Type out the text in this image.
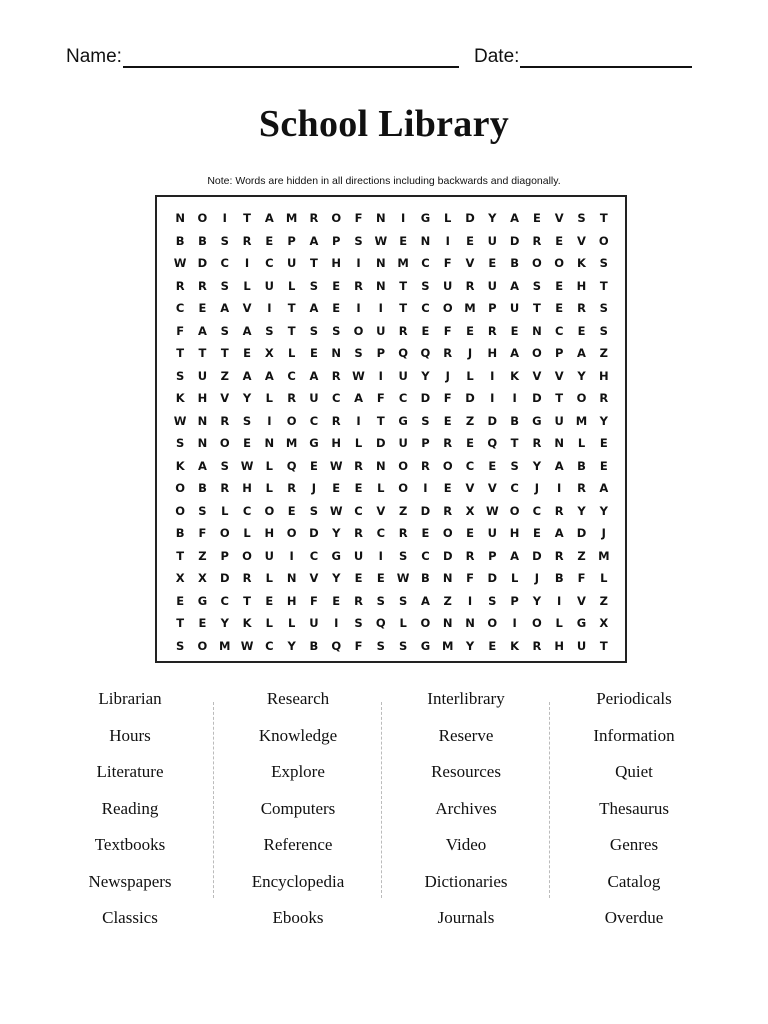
Name:	Date:
School Library
Note: Words are hidden in all directions including backwards and diagonally.
N	O	I	T	A	M	R	O	F	N	I	G	L	D	Y	A	E	V	S	T
B	B	S	R	E	P	A	P	S	W	E	N	I	E	U	D	R	E	V	O
W D	C	I	C	U	T	H	I	N	M	C	F	V	E	B	O	O	K	S
R	R	S	L	U	L	S	E	R	N	T	S	U	R	U	A	S	E	H	T
C	E	A	V	I	T	A	E	I	I	T	C	O	M	P	U	T	E	R	S
F	A	S	A	S	T	S	S	O	U	R	E	F	E	R	E	N	C	E	S
T	T	T	E	X	L	E	N	S	P	Q	Q	R	J	H	A	O	P	A	Z
S	U	Z	A	A	C	A	R	W	I	U	Y	J	L	I	K	V	V	Y	H
K	H	V	Y	L	R	U	C	A	F	C	D	F	D	I	I	D	T	O	R
W N	R	S	I	O	C	R	I	T	G	S	E	Z	D	B	G	U	M	Y
S	N	O	E	N	M	G	H	L	D	U	P	R	E	Q	T	R	N	L	E
K	A	S	W	L	Q	E	W	R	N	O	R	O	C	E	S	Y	A	B	E
O	B	R	H	L	R	J	E	E	L	O	I	E	V	V	C	J	I	R	A
O	S	L	C	O	E	S	W	C	V	Z	D	R	X	W O	C	R	Y	Y
B	F	O	L	H	O	D	Y	R	C	R	E	O	E	U	H	E	A	D	J
T	Z	P	O	U	I	C	G	U	I	S	C	D	R	P	A	D	R	Z	M
X	X	D	R	L	N	V	Y	E	E	W	B	N	F	D	L	J	B	F	L
E	G	C	T	E	H	F	E	R	S	S	A	Z	I	S	P	Y	I	V	Z
T	E	Y	K	L	L	U	I	S	Q	L	O	N	N	O	I	O	L	G	X
S	O	M W	C	Y	B	Q	F	S	S	G	M	Y	E	K	R	H	U	T
Librarian
Hours
Literature
Reading
Textbooks
Newspapers
Classics
Research
Knowledge
Explore
Computers
Reference
Encyclopedia
Ebooks
Interlibrary
Reserve
Resources
Archives
Video
Dictionaries
Journals
Periodicals
Information
Quiet
Thesaurus
Genres
Catalog
Overdue
